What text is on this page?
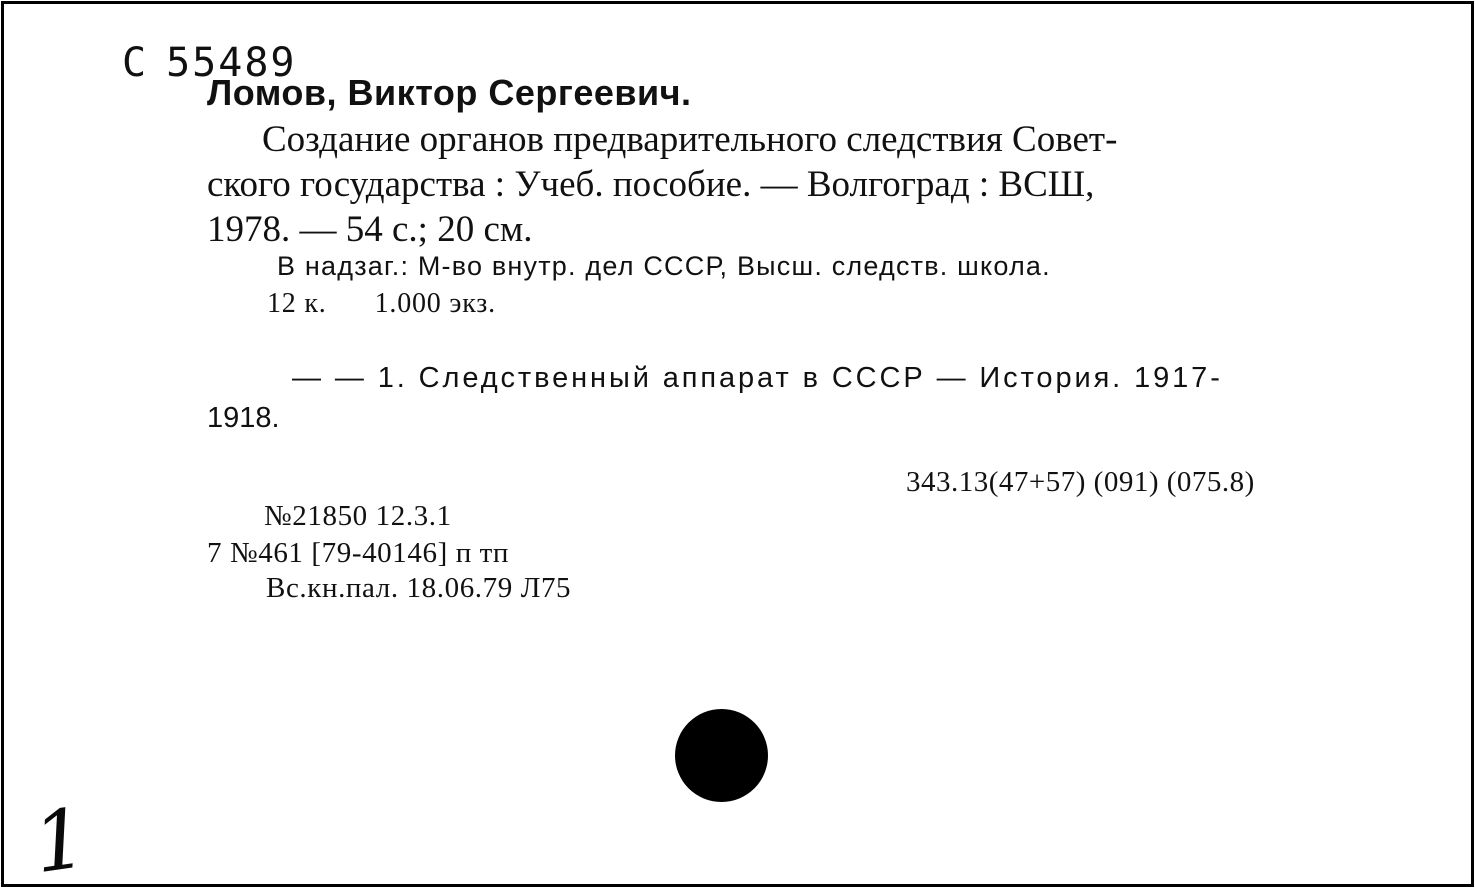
С 55489
Ломов, Виктор Сергеевич.
Создание органов предварительного следствия Совет-
ского государства : Учеб. пособие. — Волгоград : ВСШ,
1978. — 54 с.; 20 см.
В надзаг.: М-во внутр. дел СССР, Высш. следств. школа.
12 к. 1.000 экз.
— — 1. Следственный аппарат в СССР — История. 1917-
1918.
343.13(47+57) (091) (075.8)
№21850 12.3.1
7 №461 [79-40146] п тп
Вс.кн.пал. 18.06.79 Л75
1
